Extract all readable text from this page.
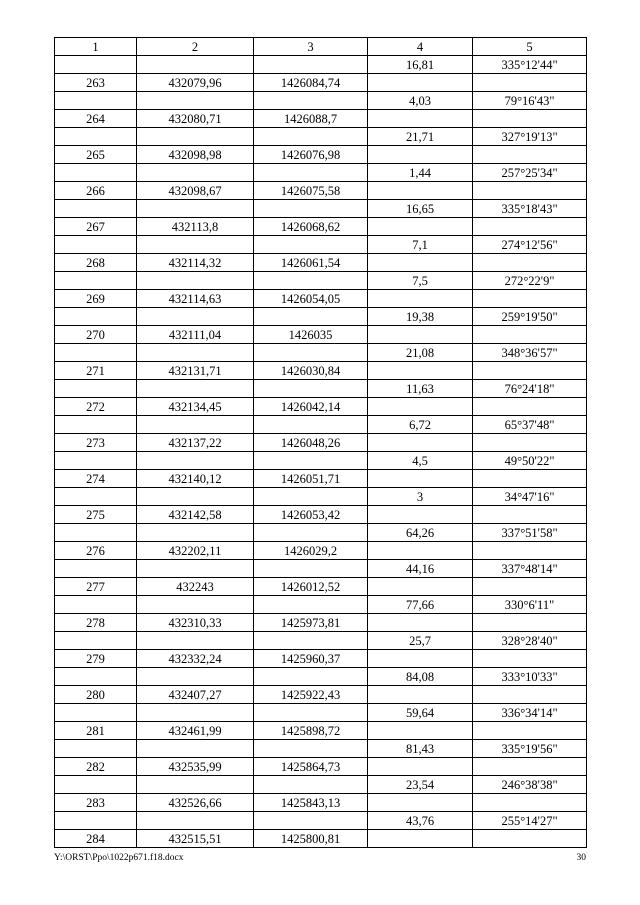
1	2	3	4	5
			16,81	335°12'44"
263	432079,96	1426084,74		
			4,03	79°16'43"
264	432080,71	1426088,7		
			21,71	327°19'13"
265	432098,98	1426076,98		
			1,44	257°25'34"
266	432098,67	1426075,58		
			16,65	335°18'43"
267	432113,8	1426068,62		
			7,1	274°12'56"
268	432114,32	1426061,54		
			7,5	272°22'9"
269	432114,63	1426054,05		
			19,38	259°19'50"
270	432111,04	1426035		
			21,08	348°36'57"
271	432131,71	1426030,84		
			11,63	76°24'18"
272	432134,45	1426042,14		
			6,72	65°37'48"
273	432137,22	1426048,26		
			4,5	49°50'22"
274	432140,12	1426051,71		
			3	34°47'16"
275	432142,58	1426053,42		
			64,26	337°51'58"
276	432202,11	1426029,2		
			44,16	337°48'14"
277	432243	1426012,52		
			77,66	330°6'11"
278	432310,33	1425973,81		
			25,7	328°28'40"
279	432332,24	1425960,37		
			84,08	333°10'33"
280	432407,27	1425922,43		
			59,64	336°34'14"
281	432461,99	1425898,72		
			81,43	335°19'56"
282	432535,99	1425864,73		
			23,54	246°38'38"
283	432526,66	1425843,13		
			43,76	255°14'27"
284	432515,51	1425800,81		
Y:\ORST\Ppo\1022p671.f18.docx	30
